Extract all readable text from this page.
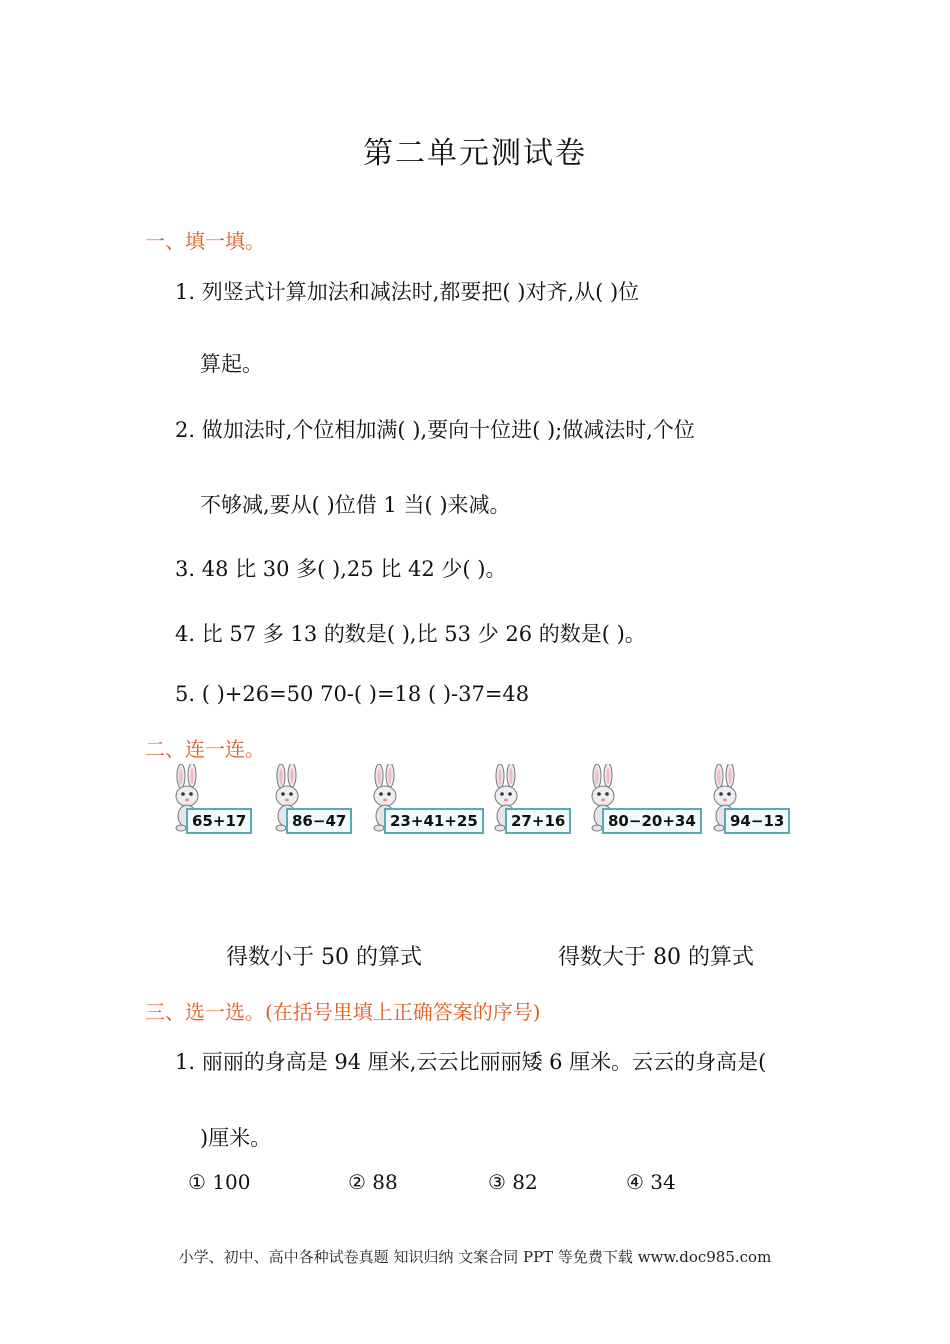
第二单元测试卷
一、填一填。
1. 列竖式计算加法和减法时,都要把( )对齐,从( )位
算起。
2. 做加法时,个位相加满( ),要向十位进( );做减法时,个位
不够减,要从( )位借 1 当( )来减。
3. 48 比 30 多( ),25 比 42 少( )。
4. 比 57 多 13 的数是( ),比 53 少 26 的数是( )。
5. ( )+26=50 70-( )=18 ( )-37=48
二、连一连。
65+17	86−47	23+41+25	27+16	80−20+34	94−13
得数小于 50 的算式	得数大于 80 的算式
三、选一选。(在括号里填上正确答案的序号)
1. 丽丽的身高是 94 厘米,云云比丽丽矮 6 厘米。云云的身高是(
)厘米。
① 100	② 88	③ 82	④ 34
小学、初中、高中各种试卷真题 知识归纳 文案合同 PPT 等免费下载 www.doc985.com
